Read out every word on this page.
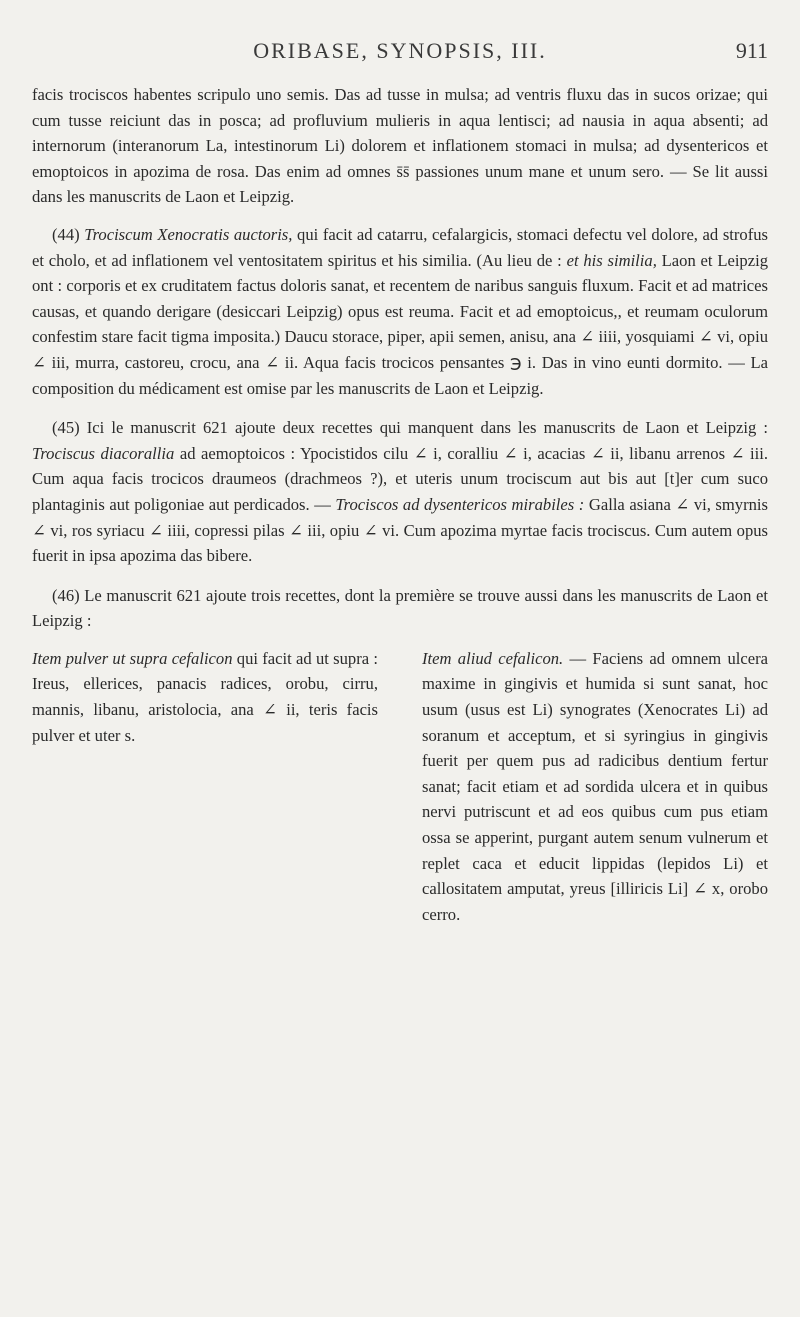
ORIBASE, SYNOPSIS, III.	911

facis trociscos habentes scripulo uno semis. Das ad tusse in mulsa; ad ventris fluxu das in sucos orizae; qui cum tusse reiciunt das in posca; ad profluvium mulieris in aqua lentisci; ad nausia in aqua absenti; ad internorum (interanorum La, intestinorum Li) dolorem et inflationem stomaci in mulsa; ad dysentericos et emoptoicos in apozima de rosa. Das enim ad omnes s̄s̄ passiones unum mane et unum sero. — Se lit aussi dans les manuscrits de Laon et Leipzig.

(44) Trociscum Xenocratis auctoris, qui facit ad catarru, cefalargicis, stomaci defectu vel dolore, ad strofus et cholo, et ad inflationem vel ventositatem spiritus et his similia. (Au lieu de : et his similia, Laon et Leipzig ont : corporis et ex cruditatem factus doloris sanat, et recentem de naribus sanguis fluxum. Facit et ad matrices causas, et quando derigare (desiccari Leipzig) opus est reuma. Facit et ad emoptoicus,, et reumam oculorum confestim stare facit tigma imposita.) Daucu storace, piper, apii semen, anisu, ana ∠ iiii, yosquiami ∠ vi, opiu ∠ iii, murra, castoreu, crocu, ana ∠ ii. Aqua facis trocicos pensantes ℈ i. Das in vino eunti dormito. — La composition du médicament est omise par les manuscrits de Laon et Leipzig.

(45) Ici le manuscrit 621 ajoute deux recettes qui manquent dans les manuscrits de Laon et Leipzig : Trociscus diacorallia ad aemoptoicos : Ypocistidos cilu ∠ i, coralliu ∠ i, acacias ∠ ii, libanu arrenos ∠ iii. Cum aqua facis trocicos draumeos (drachmeos ?), et uteris unum trociscum aut bis aut [t]er cum suco plantaginis aut poligoniae aut perdicados. — Trociscos ad dysentericos mirabiles : Galla asiana ∠ vi, smyrnis ∠ vi, ros syriacu ∠ iiii, copressi pilas ∠ iii, opiu ∠ vi. Cum apozima myrtae facis trociscus. Cum autem opus fuerit in ipsa apozima das bibere.

(46) Le manuscrit 621 ajoute trois recettes, dont la première se trouve aussi dans les manuscrits de Laon et Leipzig :

Item pulver ut supra cefalicon qui facit ad ut supra : Ireus, ellerices, panacis radices, orobu, cirru, mannis, libanu, aristolocia, ana ∠ ii, teris facis pulver et uter s.

Item aliud cefalicon. — Faciens ad omnem ulcera maxime in gingivis et humida si sunt sanat, hoc usum (usus est Li) synogrates (Xenocrates Li) ad soranum et acceptum, et si syringius in gingivis fuerit per quem pus ad radicibus dentium fertur sanat; facit etiam et ad sordida ulcera et in quibus nervi putriscunt et ad eos quibus cum pus etiam ossa se apperint, purgant autem senum vulnerum et replet caca et educit lippidas (lepidos Li) et callositatem amputat, yreus [illiricis Li] ∠ x, orobo cerro.
